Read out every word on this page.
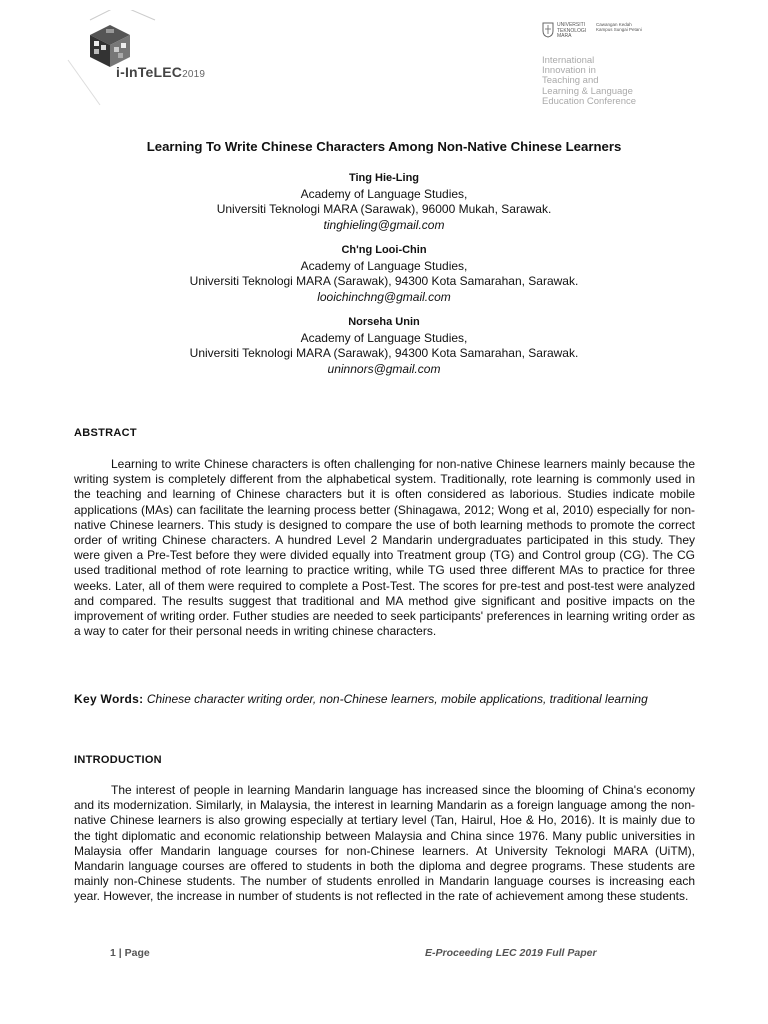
i-InTeLEC2019
UNIVERSITI
TEKNOLOGI
MARA
Cawangan Kedah
Kampus Sungai Petani
International
Innovation in
Teaching and
Learning & Language
Education Conference
Learning To Write Chinese Characters Among Non-Native Chinese Learners
Ting Hie-Ling
Academy of Language Studies,
Universiti Teknologi MARA (Sarawak), 96000 Mukah, Sarawak.
tinghieling@gmail.com
Ch'ng Looi-Chin
Academy of Language Studies,
Universiti Teknologi MARA (Sarawak), 94300 Kota Samarahan, Sarawak.
looichinchng@gmail.com
Norseha Unin
Academy of Language Studies,
Universiti Teknologi MARA (Sarawak), 94300 Kota Samarahan, Sarawak.
uninnors@gmail.com
ABSTRACT
Learning to write Chinese characters is often challenging for non-native Chinese learners mainly because the writing system is completely different from the alphabetical system. Traditionally, rote learning is commonly used in the teaching and learning of Chinese characters but it is often considered as laborious. Studies indicate mobile applications (MAs) can facilitate the learning process better (Shinagawa, 2012; Wong et al, 2010) especially for non-native Chinese learners. This study is designed to compare the use of both learning methods to promote the correct order of writing Chinese characters. A hundred Level 2 Mandarin undergraduates participated in this study. They were given a Pre-Test before they were divided equally into Treatment group (TG) and Control group (CG). The CG used traditional method of rote learning to practice writing, while TG used three different MAs to practice for three weeks. Later, all of them were required to complete a Post-Test. The scores for pre-test and post-test were analyzed and compared. The results suggest that traditional and MA method give significant and positive impacts on the improvement of writing order. Futher studies are needed to seek participants' preferences in learning writing order as a way to cater for their personal needs in writing chinese characters.
Key Words: Chinese character writing order, non-Chinese learners, mobile applications, traditional learning
INTRODUCTION
The interest of people in learning Mandarin language has increased since the blooming of China's economy and its modernization. Similarly, in Malaysia, the interest in learning Mandarin as a foreign language among the non-native Chinese learners is also growing especially at tertiary level (Tan, Hairul, Hoe & Ho, 2016). It is mainly due to the tight diplomatic and economic relationship between Malaysia and China since 1976. Many public universities in Malaysia offer Mandarin language courses for non-Chinese learners. At University Teknologi MARA (UiTM), Mandarin language courses are offered to students in both the diploma and degree programs. These students are mainly non-Chinese students. The number of students enrolled in Mandarin language courses is increasing each year. However, the increase in number of students is not reflected in the rate of achievement among these students.
1 | Page	E-Proceeding LEC 2019 Full Paper
